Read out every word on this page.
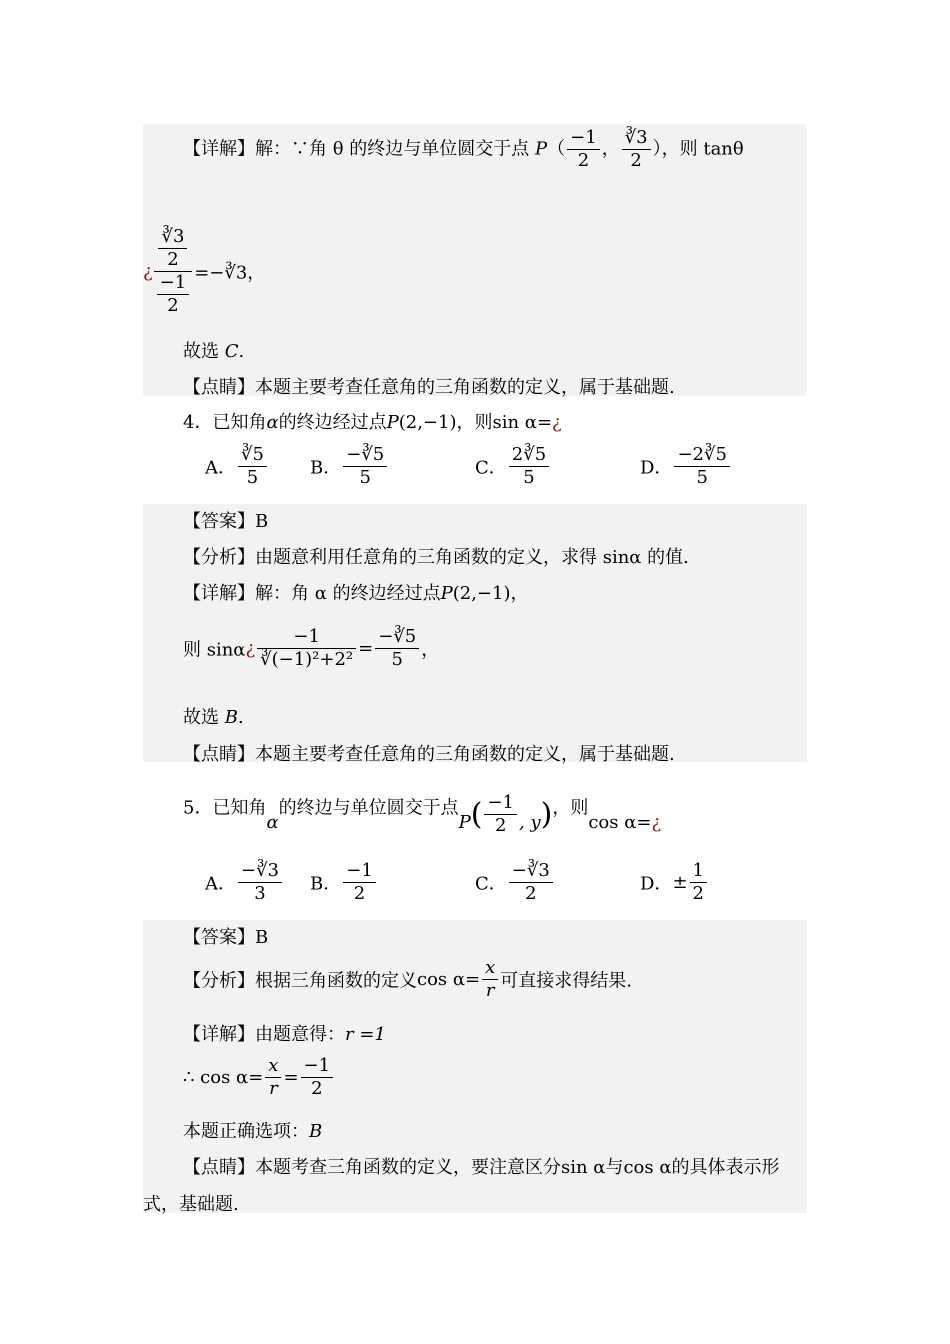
【详解】解：∵角 θ 的终边与单位圆交于点 $P( \frac{-1}{2}$ ， $\frac{∛3}{2}$ ），则 tanθ
¿ $\frac{\frac{∛3}{2}}{\frac{-1}{2}}$ =−∛3，
故选 C.
【点睛】本题主要考查任意角的三角函数的定义，属于基础题.
4．已知角α的终边经过点P(2,−1)，则sin α=¿
A． $\frac{∛5}{5}$ B． $\frac{-∛5}{5}$	C． $\frac{2∛5}{5}$	D． $\frac{-2∛5}{5}$
【答案】B
【分析】由题意利用任意角的三角函数的定义，求得 sinα 的值.
【详解】解：角 α 的终边经过点P(2,−1)，
则 sinα¿ $\frac{-1}{\text{∛(−1)²+2²}} = \frac{-∛5}{5}$ ，
故选 B.
【点睛】本题主要考查任意角的三角函数的定义，属于基础题.
5．已知角α的终边与单位圆交于点$P( \frac{-1}{2}$ , y)，则cos α=¿
A． $\frac{-∛3}{3}$ B． $\frac{-1}{2}$	C． $\frac{-∛3}{2}$	D．± $\frac{1}{2}$
【答案】B
【分析】根据三角函数的定义$\cos \alpha= \frac{x}{r}$ 可直接求得结果.
【详解】由题意得：r =1
∴ $\cos \alpha= \frac{x}{r} = \frac{-1}{2}$
本题正确选项：B
【点睛】本题考查三角函数的定义，要注意区分sin α与cos α的具体表示形
式，基础题.
